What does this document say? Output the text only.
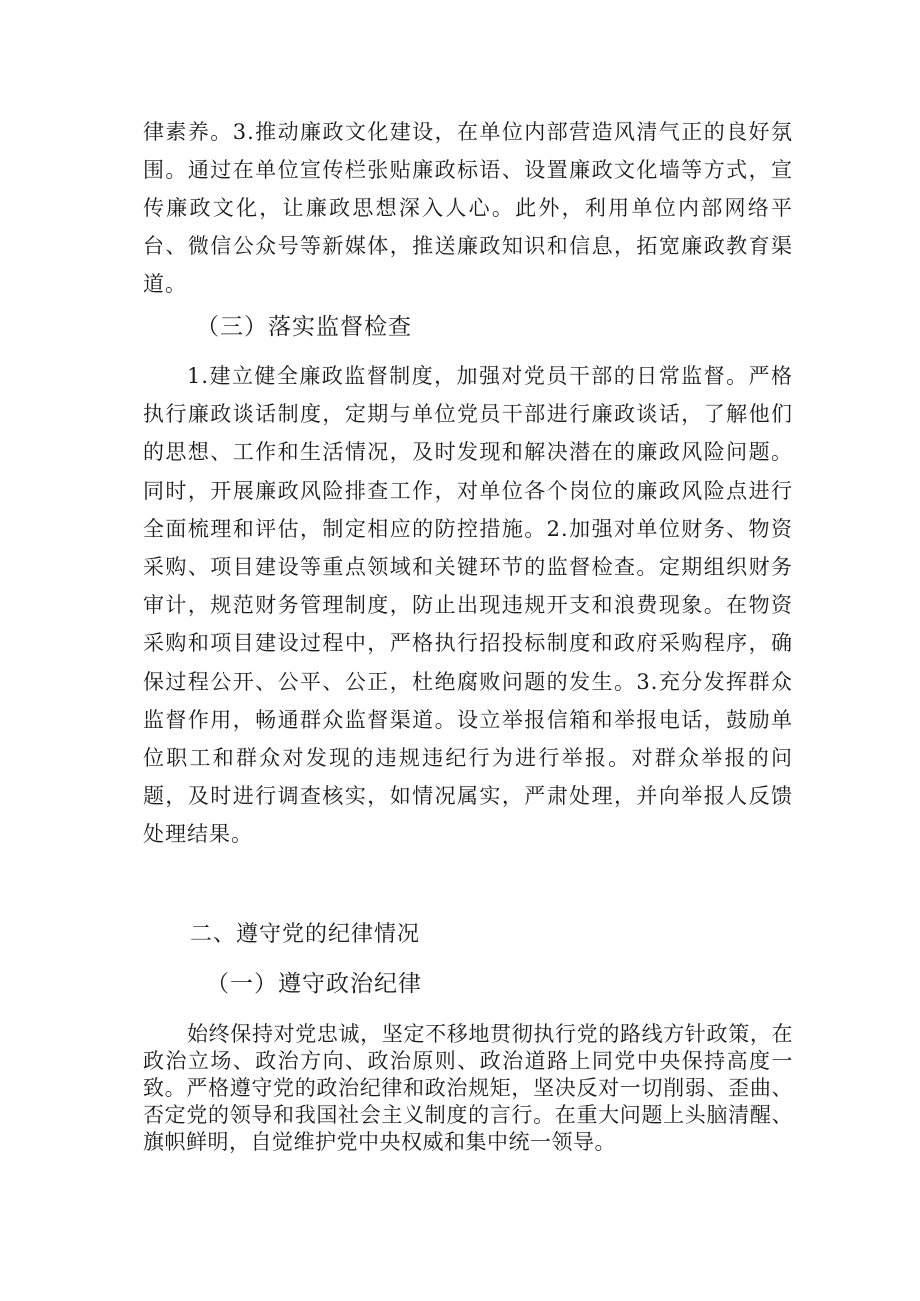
律素养。3.推动廉政文化建设，在单位内部营造风清气正的良好氛围。通过在单位宣传栏张贴廉政标语、设置廉政文化墙等方式，宣传廉政文化，让廉政思想深入人心。此外，利用单位内部网络平台、微信公众号等新媒体，推送廉政知识和信息，拓宽廉政教育渠道。

（三）落实监督检查

1.建立健全廉政监督制度，加强对党员干部的日常监督。严格执行廉政谈话制度，定期与单位党员干部进行廉政谈话，了解他们的思想、工作和生活情况，及时发现和解决潜在的廉政风险问题。同时，开展廉政风险排查工作，对单位各个岗位的廉政风险点进行全面梳理和评估，制定相应的防控措施。2.加强对单位财务、物资采购、项目建设等重点领域和关键环节的监督检查。定期组织财务审计，规范财务管理制度，防止出现违规开支和浪费现象。在物资采购和项目建设过程中，严格执行招投标制度和政府采购程序，确保过程公开、公平、公正，杜绝腐败问题的发生。3.充分发挥群众监督作用，畅通群众监督渠道。设立举报信箱和举报电话，鼓励单位职工和群众对发现的违规违纪行为进行举报。对群众举报的问题，及时进行调查核实，如情况属实，严肃处理，并向举报人反馈处理结果。

二、遵守党的纪律情况
（一）遵守政治纪律

始终保持对党忠诚，坚定不移地贯彻执行党的路线方针政策，在政治立场、政治方向、政治原则、政治道路上同党中央保持高度一致。严格遵守党的政治纪律和政治规矩，坚决反对一切削弱、歪曲、否定党的领导和我国社会主义制度的言行。在重大问题上头脑清醒、旗帜鲜明，自觉维护党中央权威和集中统一领导。
